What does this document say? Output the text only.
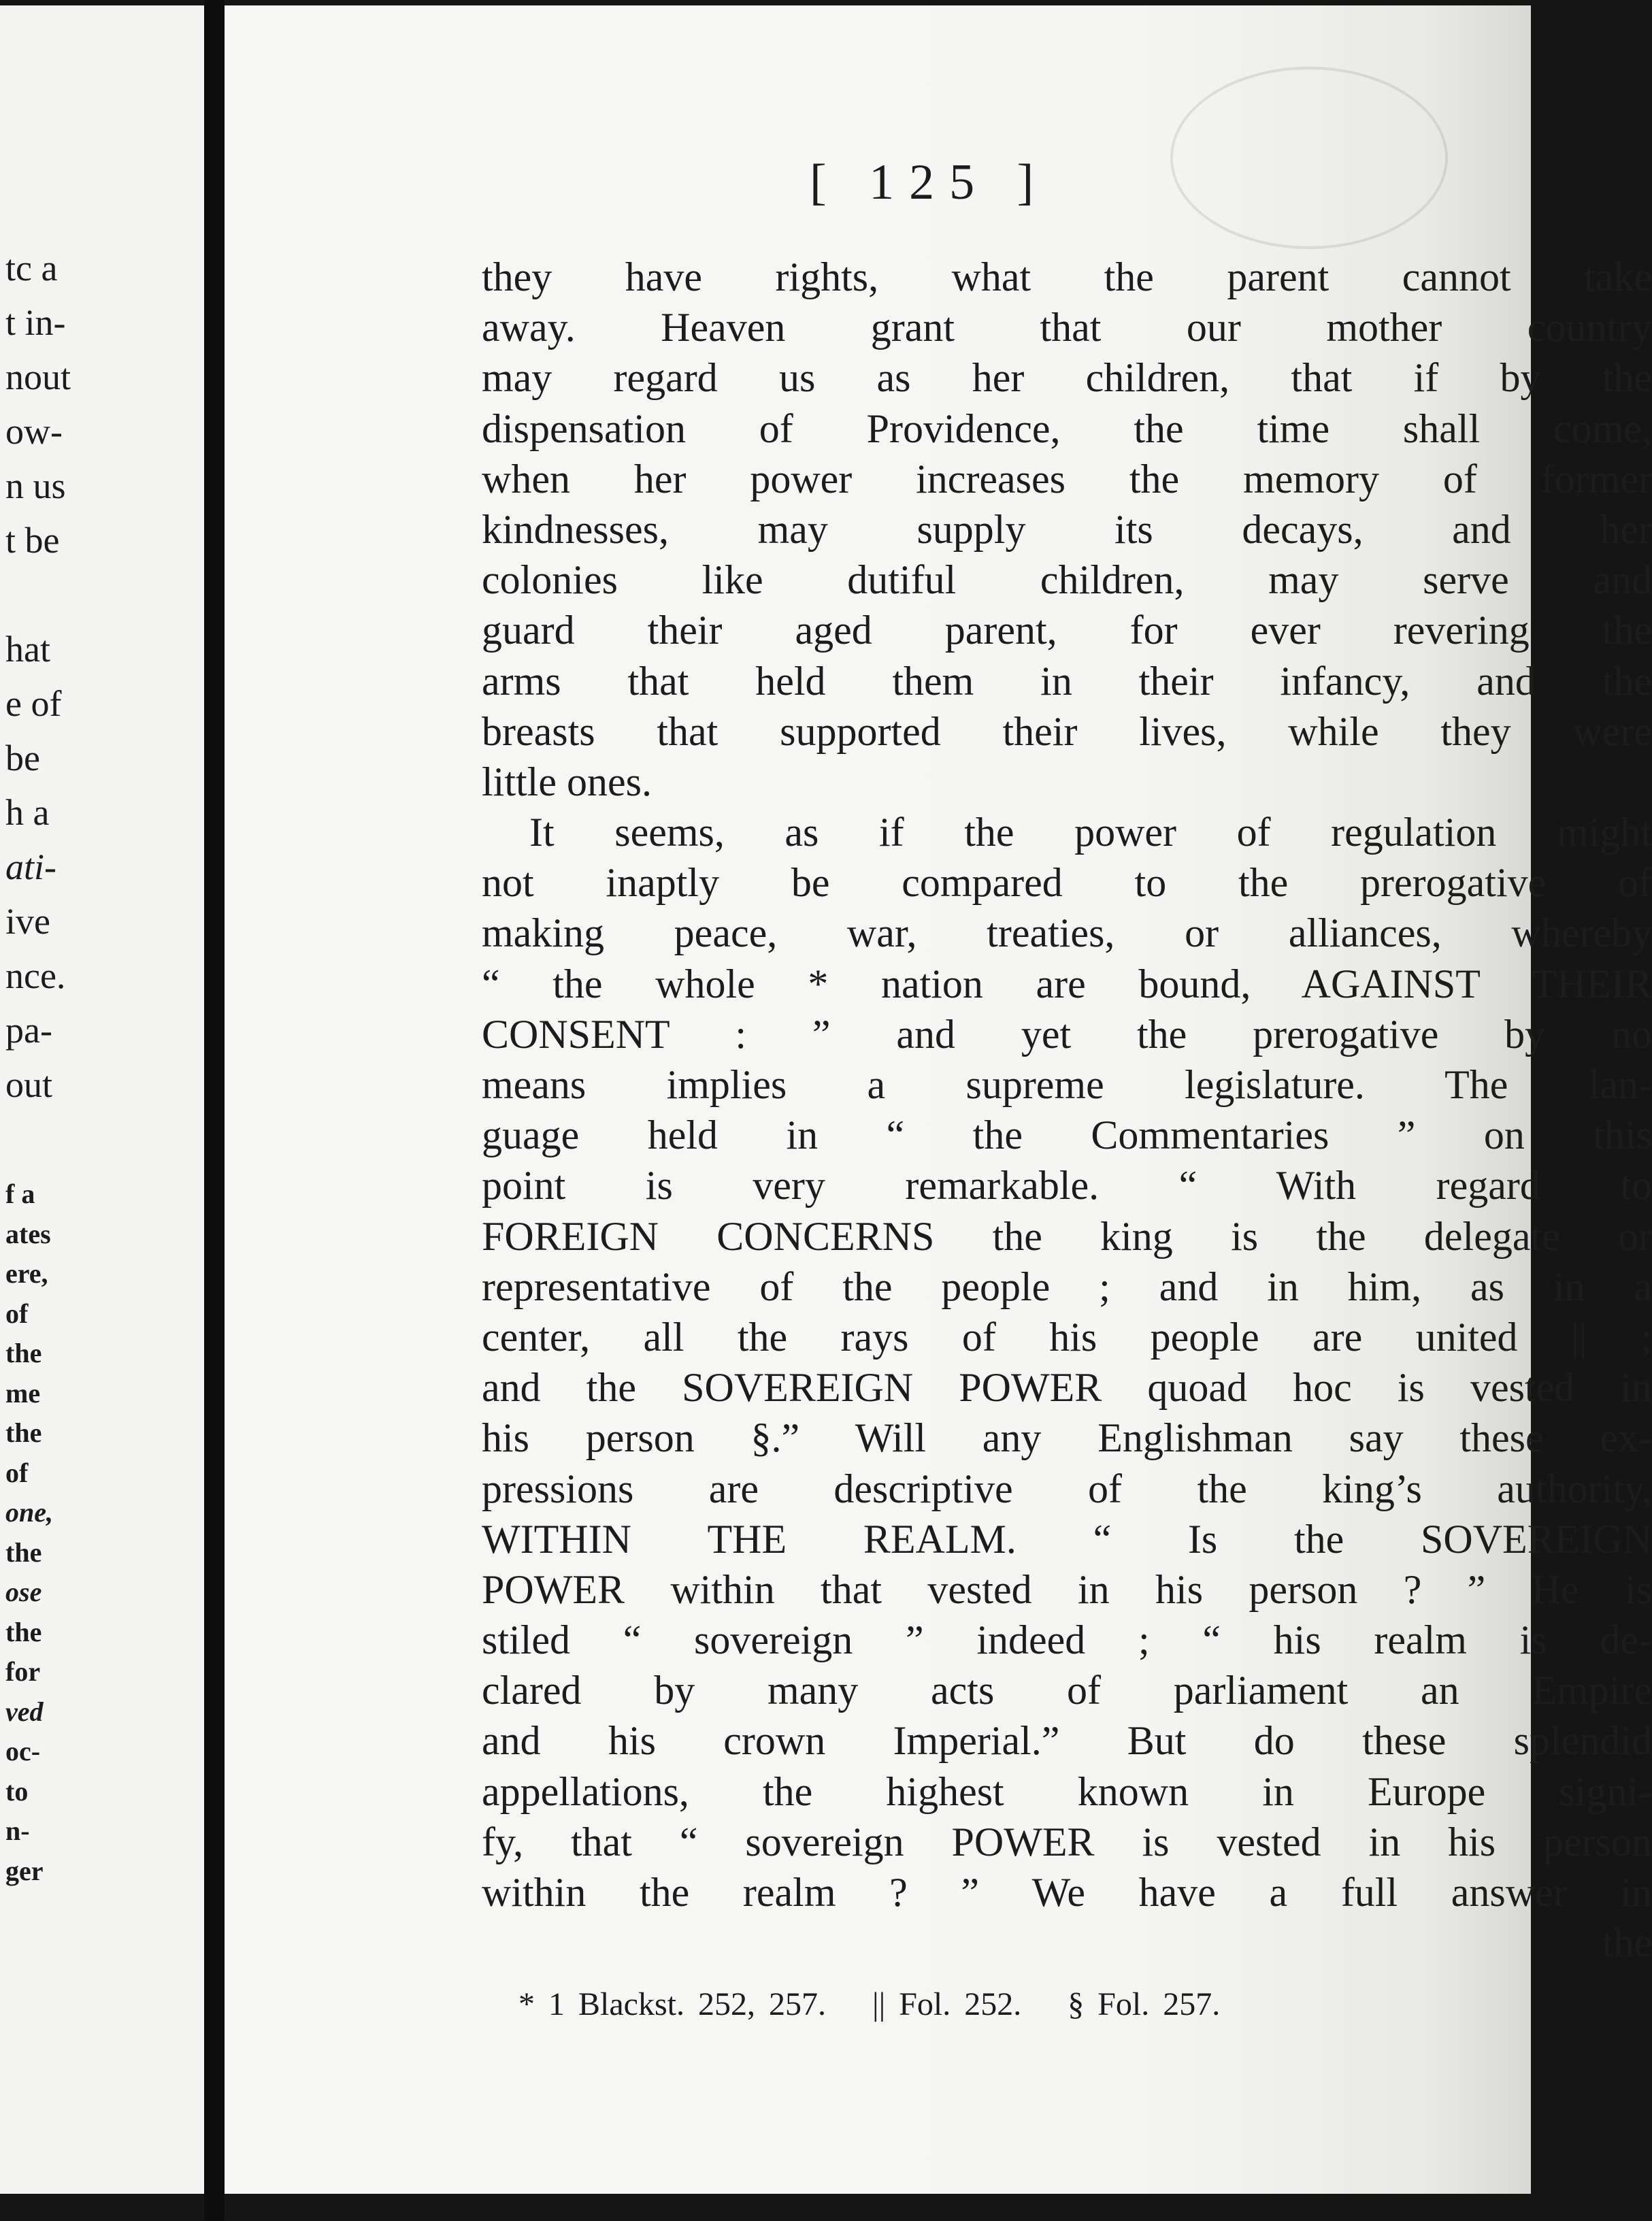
tc a
t in-
nout
ow-
n us
t be
hat
e of
be
h a
ati-
ive
nce.
pa-
out
f a
ates
ere,
of
the
me
the
of
one,
the
ose
the
for
ved
oc-
to
n-
ger
[ 125 ]
they have rights, what the parent cannot take
away. Heaven grant that our mother country
may regard us as her children, that if by the
dispensation of Providence, the time shall come,
when her power increases the memory of former
kindnesses, may supply its decays, and her
colonies like dutiful children, may serve and
guard their aged parent, for ever revering the
arms that held them in their infancy, and the
breasts that supported their lives, while they were
little ones.
It seems, as if the power of regulation might
not inaptly be compared to the prerogative of
making peace, war, treaties, or alliances, whereby
“ the whole * nation are bound, AGAINST THEIR
CONSENT : ” and yet the prerogative by no
means implies a supreme legislature. The lan-
guage held in “ the Commentaries ” on this
point is very remarkable. “ With regard to
FOREIGN CONCERNS the king is the delegate or
representative of the people ; and in him, as in a
center, all the rays of his people are united || ;
and the SOVEREIGN POWER quoad hoc is vested in
his person §.” Will any Englishman say these ex-
pressions are descriptive of the king’s authority,
WITHIN THE REALM. “ Is the SOVEREIGN
POWER within that vested in his person ? ” He is
stiled “ sovereign ” indeed ; “ his realm is de-
clared by many acts of parliament an Empire
and his crown Imperial.” But do these splendid
appellations, the highest known in Europe signi-
fy, that “ sovereign POWER is vested in his person
within the realm ? ” We have a full answer in
the
* 1 Blackst. 252, 257. || Fol. 252. § Fol. 257.
